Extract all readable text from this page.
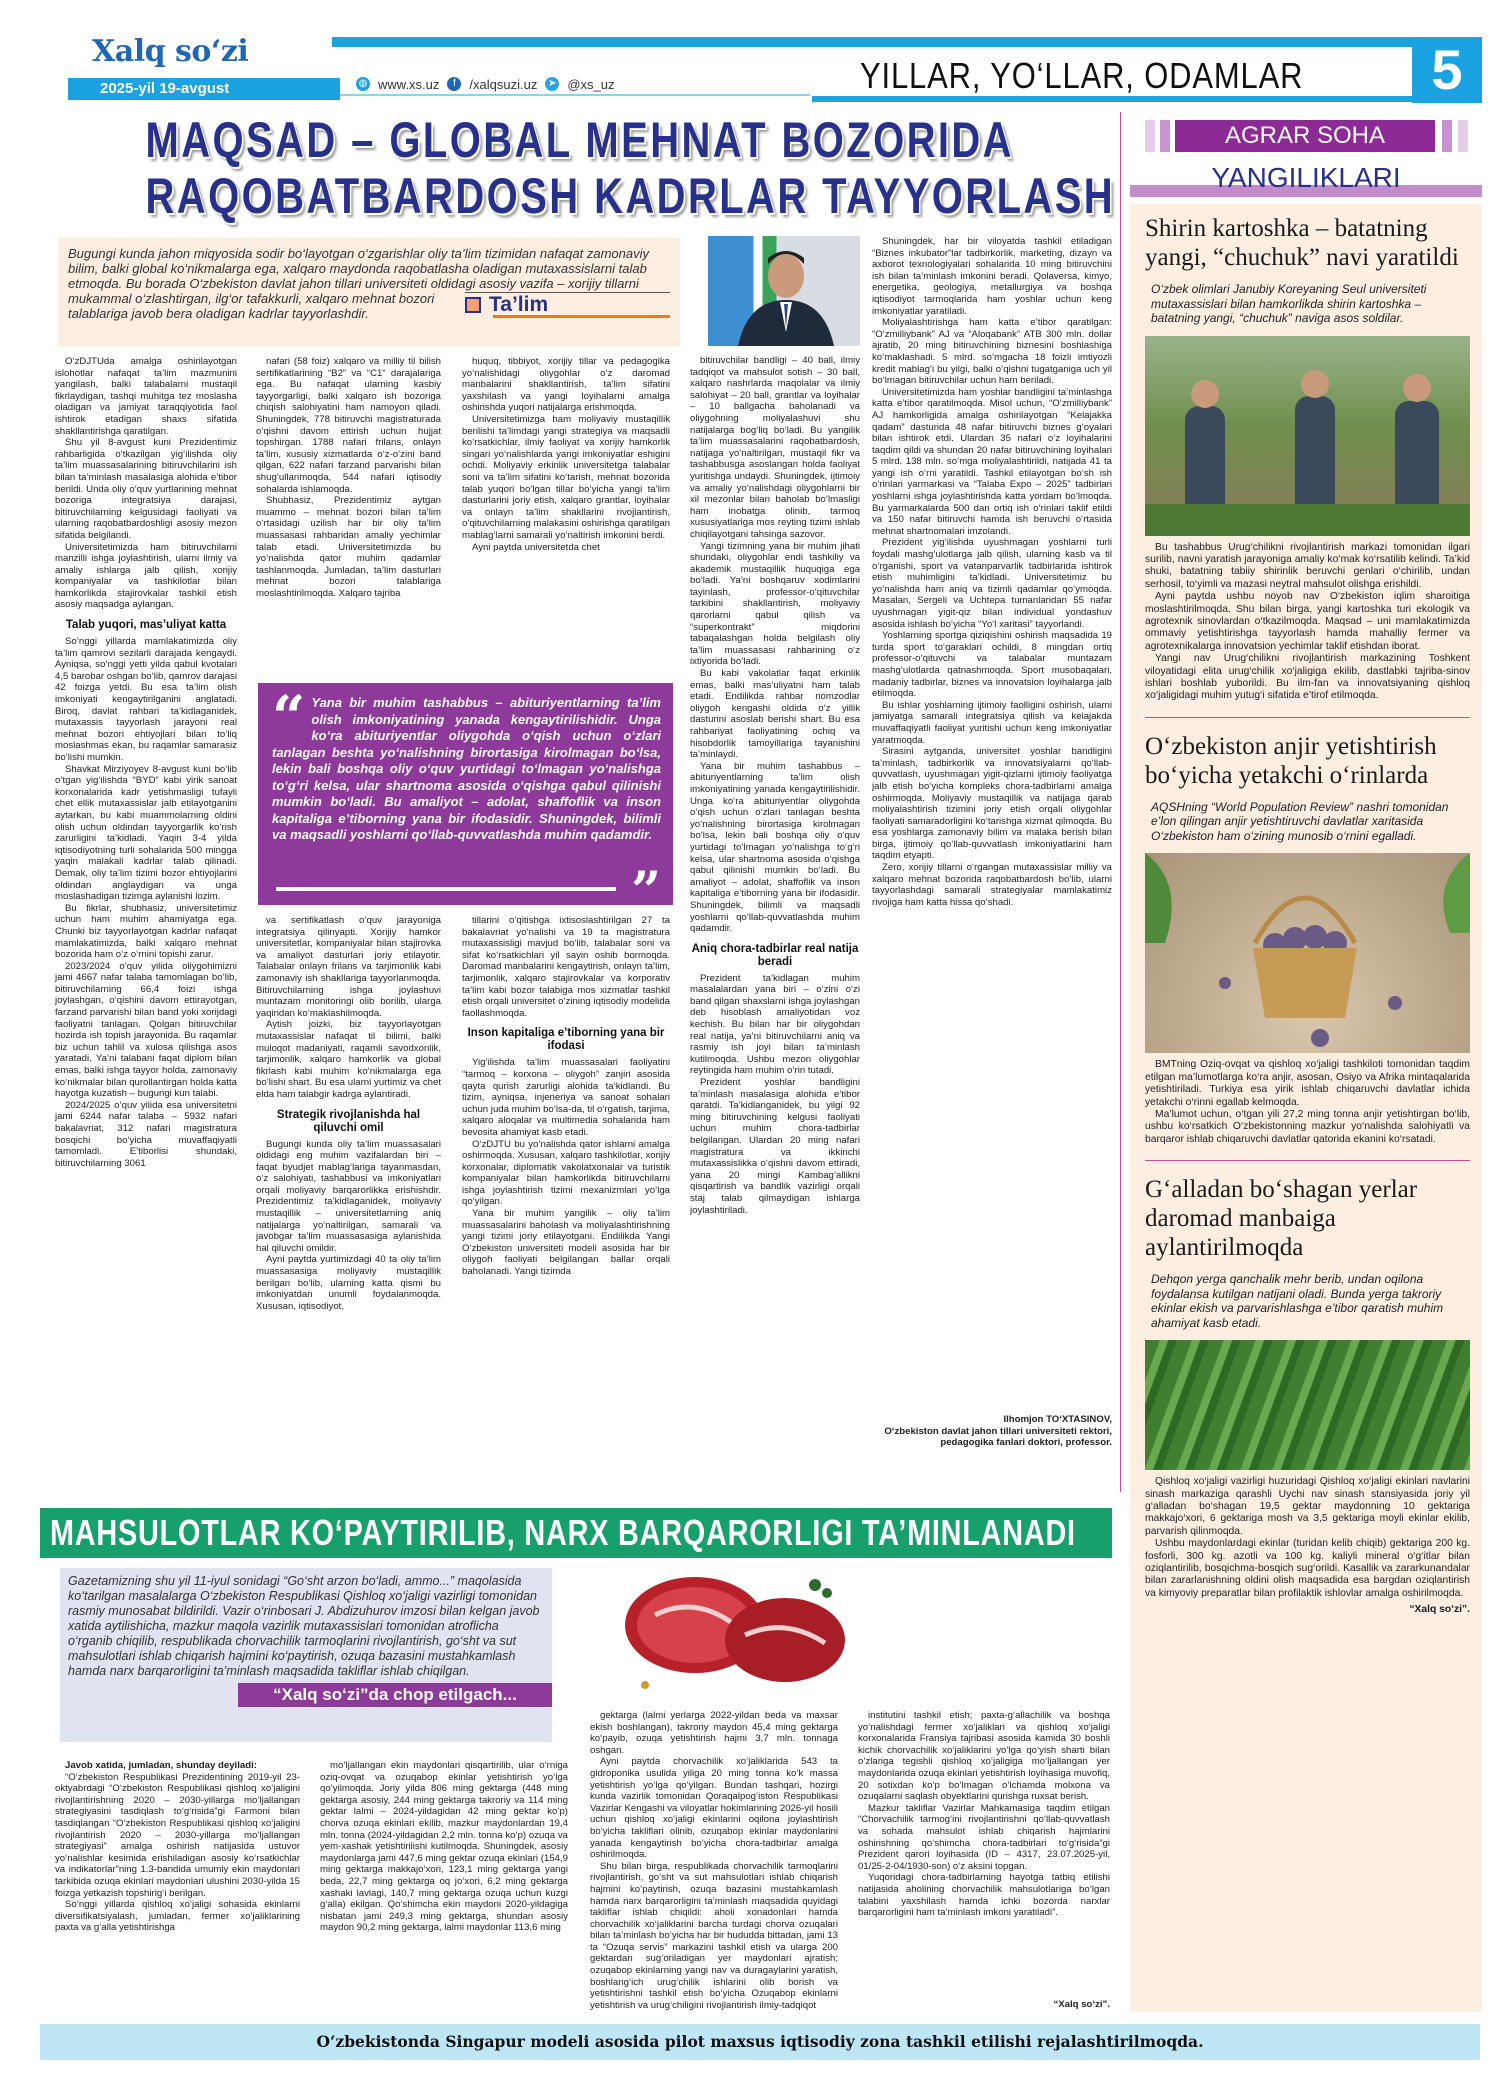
Xalq so‘zi
2025-yil 19-avgust	◍ www.xs.uz	f	/xalqsuzi.uz ➤ @xs_uz	YILLAR, YO‘LLAR, ODAMLAR	5
MAQSAD – GLOBAL MEHNAT BOZORIDA
RAQOBATBARDOSH KADRLAR TAYYORLASH
Ta’lim
Bugungi kunda jahon miqyosida sodir bo‘layotgan o‘zgarishlar oliy ta’lim tizimidan nafaqat zamonaviy bilim, balki global ko‘nikmalarga ega, xalqaro maydonda raqobatlasha oladigan mutaxassislarni talab etmoqda. Bu borada O‘zbekiston davlat jahon tillari universiteti oldidagi asosiy vazifa – xorijiy tillarni mukammal o‘zlashtirgan, ilg‘or tafakkurli, xalqaro mehnat bozori talablariga javob bera oladigan kadrlar tayyorlashdir.

O‘zDJTUda amalga oshirilayotgan islohotlar nafaqat ta’lim mazmunini yangilash, balki talabalarni mustaqil fikrlaydigan, tashqi muhitga tez moslasha oladigan va jamiyat taraqqiyotida faol ishtirok etadigan shaxs sifatida shakllantirishga qaratilgan.

Shu yil 8-avgust kuni Prezidentimiz rahbarligida o‘tkazilgan yig‘ilishda oliy ta’lim muassasalarining bitiruvchilarini ish bilan ta’minlash masalasiga alohida e’tibor berildi. Unda oliy o‘quv yurtlarining mehnat bozoriga integratsiya darajasi, bitiruvchilarning kelgusidagi faoliyati va ularning raqobatbardoshligi asosiy mezon sifatida belgilandi.

Universitetimizda ham bitiruvchilarni manzilli ishga joylashtirish, ularni ilmiy va amaliy ishlarga jalb qilish, xorijiy kompaniyalar va tashkilotlar bilan hamkorlikda stajirovkalar tashkil etish asosiy maqsadga aylangan.

Talab yuqori, mas’uliyat katta

So‘nggi yillarda mamlakatimizda oliy ta’lim qamrovi sezilarli darajada kengaydi. Ayniqsa, so‘nggi yetti yilda qabul kvotalari 4,5 barobar oshgan bo‘lib, qamrov darajasi 42 foizga yetdi. Bu esa ta’lim olish imkoniyati kengaytirilganini anglatadi. Biroq, davlat rahbari ta’kidlaganidek, mutaxassis tayyorlash jarayoni real mehnat bozori ehtiyojlari bilan to‘liq moslashmas ekan, bu raqamlar samarasiz bo‘lishi mumkin.

Shavkat Mirziyoyev 8-avgust kuni bo‘lib o‘tgan yig‘ilishda “BYD” kabi yirik sanoat korxonalarida kadr yetishmasligi tufayli chet ellik mutaxassislar jalb etilayotganini aytarkan, bu kabi muammolarning oldini olish uchun oldindan tayyorgarlik ko‘rish zarurligini ta’kidladi. Yaqin 3-4 yilda iqtisodiyotning turli sohalarida 500 mingga yaqin malakali kadrlar talab qilinadi. Demak, oliy ta’lim tizimi bozor ehtiyojlarini oldindan anglaydigan va unga moslashadigan tizimga aylanishi lozim.

Bu fikrlar, shubhasiz, universitetimiz uchun ham muhim ahamiyatga ega. Chunki biz tayyorlayotgan kadrlar nafaqat mamlakatimizda, balki xalqaro mehnat bozorida ham o‘z o‘rnini topishi zarur.

2023/2024 o‘quv yilida oliygohimizni jami 4667 nafar talaba tamomlagan bo‘lib, bitiruvchilarning 66,4 foizi ishga joylashgan, o‘qishini davom ettirayotgan, farzand parvarishi bilan band yoki xorijdagi faoliyatni tanlagan. Qolgan bitiruvchilar hozirda ish topish jarayonida. Bu raqamlar biz uchun tahlil va xulosa qilishga asos yaratadi. Ya’ni talabani faqat diplom bilan emas, balki ishga tayyor holda, zamonaviy ko‘nikmalar bilan qurollantirgan holda katta hayotga kuzatish – bugungi kun talabi.

2024/2025 o‘quv yilida esa universitetni jami 6244 nafar talaba – 5932 nafari bakalavriat, 312 nafari magistratura bosqichi bo‘yicha muvaffaqiyatli tamomladi. E’tiborlisi shundaki, bitiruvchilarning 3061

nafari (58 foiz) xalqaro va milliy til bilish sertifikatlarining “B2” va “C1” darajalariga ega. Bu nafaqat ularning kasbiy tayyorgarligi, balki xalqaro ish bozoriga chiqish salohiyatini ham namoyon qiladi. Shuningdek, 778 bitiruvchi magistraturada o‘qishni davom ettirish uchun hujjat topshirgan. 1788 nafari frilans, onlayn ta’lim, xususiy xizmatlarda o‘z-o‘zini band qilgan, 622 nafari farzand parvarishi bilan shug‘ullanmoqda, 544 nafari iqtisodiy sohalarda ishlamoqda.

Shubhasiz, Prezidentimiz aytgan muammo – mehnat bozori bilan ta’lim o‘rtasidagi uzilish har bir oliy ta’lim muassasasi rahbaridan amaliy yechimlar talab etadi. Universitetimizda bu yo‘nalishda qator muhim qadamlar tashlanmoqda. Jumladan, ta’lim dasturlari mehnat bozori talablariga moslashtirilmoqda. Xalqaro tajriba

huquq, tibbiyot, xorijiy tillar va pedagogika yo‘nalishidagi oliygohlar o‘z daromad manbalarini shakllantirish, ta’lim sifatini yaxshilash va yangi loyihalarni amalga oshirishda yuqori natijalarga erishmoqda.

Universitetimizga ham moliyaviy mustaqillik berilishi ta’limdagi yangi strategiya va maqsadli ko‘rsatkichlar, ilmiy faoliyat va xorijiy hamkorlik singari yo‘nalishlarda yangi imkoniyatlar eshigini ochdi. Moliyaviy erkinlik universitetga talabalar soni va ta’lim sifatini ko‘tarish, mehnat bozorida talab yuqori bo‘lgan tillar bo‘yicha yangi ta’lim dasturlarini joriy etish, xalqaro grantlar, loyihalar va onlayn ta’lim shakllarini rivojlantirish, o‘qituvchilarning malakasini oshirishga qaratilgan mablag‘larni samarali yo‘naltirish imkonini berdi.

Ayni paytda universitetda chet

“ Yana bir muhim tashabbus – abituriyentlarning ta’lim olish imkoniyatining yanada kengaytirilishidir. Unga ko‘ra abituriyentlar oliygohda o‘qish uchun o‘zlari tanlagan beshta yo‘nalishning birortasiga kirolmagan bo‘lsa, lekin bali boshqa oliy o‘quv yurtidagi to‘lmagan yo‘nalishga to‘g‘ri kelsa, ular shartnoma asosida o‘qishga qabul qilinishi mumkin bo‘ladi. Bu amaliyot – adolat, shaffoflik va inson kapitaliga e’tiborning yana bir ifodasidir. Shuningdek, bilimli va maqsadli yoshlarni qo‘llab-quvvatlashda muhim qadamdir.
”

va sertifikatlash o‘quv jarayoniga integratsiya qilinyapti. Xorijiy hamkor universitetlar, kompaniyalar bilan stajirovka va amaliyot dasturlari joriy etilayotir. Talabalar onlayn frilans va tarjimonlik kabi zamonaviy ish shakllariga tayyorlanmoqda. Bitiruvchilarning ishga joylashuvi muntazam monitoringi olib borilib, ularga yaqindan ko‘maklashilmoqda.

Aytish joizki, biz tayyorlayotgan mutaxassislar nafaqat til bilimi, balki muloqot madaniyati, raqamli savodxonlik, tarjimonlik, xalqaro hamkorlik va global fikrlash kabi muhim ko‘nikmalarga ega bo‘lishi shart. Bu esa ularni yurtimiz va chet elda ham talabgir kadrga aylantiradi.

Strategik rivojlanishda hal qiluvchi omil

Bugungi kunda oliy ta’lim muassasalari oldidagi eng muhim vazifalardan biri – faqat byudjet mablag‘lariga tayanmasdan, o‘z salohiyati, tashabbusi va imkoniyatlari orqali moliyaviy barqarorlikka erishishdir. Prezidentimiz ta’kidlaganidek, moliyaviy mustaqillik – universitetlarning aniq natijalarga yo‘naltirilgan, samarali va javobgar ta’lim muassasasiga aylanishida hal qiluvchi omildir.

Ayni paytda yurtimizdagi 40 ta oliy ta’lim muassasasiga moliyaviy mustaqillik berilgan bo‘lib, ularning katta qismi bu imkoniyatdan unumli foydalanmoqda. Xususan, iqtisodiyot,

tillarini o‘qitishga ixtisoslashtirilgan 27 ta bakalavriat yo‘nalishi va 19 ta magistratura mutaxassisligi mavjud bo‘lib, talabalar soni va sifat ko‘rsatkichlari yil sayin oshib bormoqda. Daromad manbalarini kengaytirish, onlayn ta’lim, tarjimonlik, xalqaro stajirovkalar va korporativ ta’lim kabi bozor talabiga mos xizmatlar tashkil etish orqali universitet o‘zining iqtisodiy modelida faollashmoqda.

Inson kapitaliga e’tiborning yana bir ifodasi

Yig‘ilishda ta’lim muassasalari faoliyatini “tarmoq – korxona – oliygoh” zanjiri asosida qayta qurish zarurligi alohida ta’kidlandi. Bu tizim, ayniqsa, injeneriya va sanoat sohalari uchun juda muhim bo‘lsa-da, til o‘rgatish, tarjima, xalqaro aloqalar va multimedia sohalarida ham bevosita ahamiyat kasb etadi.

O‘zDJTU bu yo‘nalishda qator ishlarni amalga oshirmoqda. Xususan, xalqaro tashkilotlar, xorijiy korxonalar, diplomatik vakolatxonalar va turistik kompaniyalar bilan hamkorlikda bitiruvchilarni ishga joylashtirish tizimi mexanizmlari yo‘lga qo‘yilgan.

Yana bir muhim yangilik – oliy ta’lim muassasalarini baholash va moliyalashtirishning yangi tizimi joriy etilayotgani. Endilikda Yangi O‘zbekiston universiteti modeli asosida har bir oliygoh faoliyati belgilangan ballar orqali baholanadi. Yangi tizimda

bitiruvchilar bandligi – 40 ball, ilmiy tadqiqot va mahsulot sotish – 30 ball, xalqaro nashrlarda maqolalar va ilmiy salohiyat – 20 ball, grantlar va loyihalar – 10 ballgacha baholanadi va oliygohning moliyalashuvi shu natijalarga bog‘liq bo‘ladi. Bu yangilik ta’lim muassasalarini raqobatbardosh, natijaga yo‘naltirilgan, mustaqil fikr va tashabbusga asoslangan holda faoliyat yuritishga undaydi. Shuningdek, ijtimoiy va amaliy yo‘nalishdagi oliygohlarni bir xil mezonlar bilan baholab bo‘lmasligi ham inobatga olinib, tarmoq xususiyatlariga mos reyting tizimi ishlab chiqilayotgani tahsinga sazovor.

Yangi tizimning yana bir muhim jihati shundaki, oliygohlar endi tashkiliy va akademik mustaqillik huquqiga ega bo‘ladi. Ya’ni boshqaruv xodimlarini tayinlash, professor-o‘qituvchilar tarkibini shakllantirish, moliyaviy qarorlarni qabul qilish va “superkontrakt” miqdorini tabaqalashgan holda belgilash oliy ta’lim muassasasi rahbarining o‘z ixtiyorida bo‘ladi.

Bu kabi vakolatlar faqat erkinlik emas, balki mas’uliyatni ham talab etadi. Endilikda rahbar nomzodlar oliygoh kengashi oldida o‘z yillik dasturini asoslab berishi shart. Bu esa rahbariyat faoliyatining ochiq va hisobdorlik tamoyillariga tayanishini ta’minlaydi.

Yana bir muhim tashabbus – abituriyentlarning ta’lim olish imkoniyatining yanada kengaytirilishidir. Unga ko‘ra abituriyentlar oliygohda o‘qish uchun o‘zlari tanlagan beshta yo‘nalishning birortasiga kirolmagan bo‘lsa, lekin bali boshqa oliy o‘quv yurtidagi to‘lmagan yo‘nalishga to‘g‘ri kelsa, ular shartnoma asosida o‘qishga qabul qilinishi mumkin bo‘ladi. Bu amaliyot – adolat, shaffoflik va inson kapitaliga e’tiborning yana bir ifodasidir. Shuningdek, bilimli va maqsadli yoshlarni qo‘llab-quvvatlashda muhim qadamdir.

Aniq chora-tadbirlar real natija beradi

Prezident ta’kidlagan muhim masalalardan yana biri – o‘zini o‘zi band qilgan shaxslarni ishga joylashgan deb hisoblash amaliyotidan voz kechish. Bu bilan har bir oliygohdan real natija, ya’ni bitiruvchilarni aniq va rasmiy ish joyi bilan ta’minlash kutilmoqda. Ushbu mezon oliygohlar reytingida ham muhim o‘rin tutadi.

Prezident yoshlar bandligini ta’minlash masalasiga alohida e’tibor qaratdi. Ta’kidlanganidek, bu yilgi 92 ming bitiruvchining kelgusi faoliyati uchun muhim chora-tadbirlar belgilangan. Ulardan 20 ming nafari magistratura va ikkinchi mutaxassislikka o‘qishni davom ettiradi, yana 20 mingi Kambag‘allikni qisqartirish va bandlik vazirligi orqali staj talab qilmaydigan ishlarga joylashtiriladi.

Shuningdek, har bir viloyatda tashkil etiladigan “Biznes inkubator”lar tadbirkorlik, marketing, dizayn va axborot texnologiyalari sohalarida 10 ming bitiruvchini ish bilan ta’minlash imkonini beradi. Qolaversa, kimyo, energetika, geologiya, metallurgiya va boshqa iqtisodiyot tarmoqlarida ham yoshlar uchun keng imkoniyatlar yaratiladi.

Moliyalashtirishga ham katta e’tibor qaratilgan: “O‘zmilliybank” AJ va “Aloqabank” ATB 300 mln. dollar ajratib, 20 ming bitiruvchining biznesini boshlashiga ko‘maklashadi. 5 mlrd. so‘mgacha 18 foizli imtiyozli kredit mablag‘i bu yilgi, balki o‘qishni tugatganiga uch yil bo‘lmagan bitiruvchilar uchun ham beriladi.

Universitetimizda ham yoshlar bandligini ta’minlashga katta e’tibor qaratilmoqda. Misol uchun, “O‘zmilliybank” AJ hamkorligida amalga oshirilayotgan “Kelajakka qadam” dasturida 48 nafar bitiruvchi biznes g‘oyalari bilan ishtirok etdi. Ulardan 35 nafari o‘z loyihalarini taqdim qildi va shundan 20 nafar bitiruvchining loyihalari 5 mlrd. 138 mln. so‘mga moliyalashtirildi, natijada 41 ta yangi ish o‘rni yaratildi. Tashkil etilayotgan bo‘sh ish o‘rinlari yarmarkasi va “Talaba Expo – 2025” tadbirlari yoshlarni ishga joylashtirishda katta yordam bo‘lmoqda. Bu yarmarkalarda 500 dan ortiq ish o‘rinlari taklif etildi va 150 nafar bitiruvchi hamda ish beruvchi o‘rtasida mehnat shartnomalari imzolandi.

Prezident yig‘ilishda uyushmagan yoshlarni turli foydali mashg‘ulotlarga jalb qilish, ularning kasb va til o‘rganishi, sport va vatanparvarlik tadbirlarida ishtirok etish muhimligini ta’kidladi. Universitetimiz bu yo‘nalishda ham aniq va tizimli qadamlar qo‘ymoqda. Masalan, Sergeli va Uchtepa tumanlaridan 55 nafar uyushmagan yigit-qiz bilan individual yondashuv asosida ishlash bo‘yicha “Yo‘l xaritasi” tayyorlandi.

Yoshlarning sportga qiziqishini oshirish maqsadida 19 turda sport to‘garaklari ochildi, 8 mingdan ortiq professor-o‘qituvchi va talabalar muntazam mashg‘ulotlarda qatnashmoqda. Sport musobaqalari, madaniy tadbirlar, biznes va innovatsion loyihalarga jalb etilmoqda.

Bu ishlar yoshlarning ijtimoiy faolligini oshirish, ularni jamiyatga samarali integratsiya qilish va kelajakda muvaffaqiyatli faoliyat yuritishi uchun keng imkoniyatlar yaratmoqda.

Sirasini aytganda, universitet yoshlar bandligini ta’minlash, tadbirkorlik va innovatsiyalarni qo‘llab-quvvatlash, uyushmagan yigit-qizlarni ijtimoiy faoliyatga jalb etish bo‘yicha kompleks chora-tadbirlarni amalga oshirmoqda. Moliyaviy mustaqillik va natijaga qarab moliyalashtirish tizimini joriy etish orqali oliygohlar faoliyati samaradorligini ko‘tarishga xizmat qilmoqda. Bu esa yoshlarga zamonaviy bilim va malaka berish bilan birga, ijtimoiy qo‘llab-quvvatlash imkoniyatlarini ham taqdim etyapti.

Zero, xorijiy tillarni o‘rgangan mutaxassislar milliy va xalqaro mehnat bozorida raqobatbardosh bo‘lib, ularni tayyorlashdagi samarali strategiyalar mamlakatimiz rivojiga ham katta hissa qo‘shadi.

Ilhomjon TO‘XTASINOV,
O‘zbekiston davlat jahon tillari universiteti rektori, pedagogika fanlari doktori, professor.
MAHSULOTLAR KO‘PAYTIRILIB, NARX BARQARORLIGI TA’MINLANADI
Gazetamizning shu yil 11-iyul sonidagi “Go‘sht arzon bo‘ladi, ammo...” maqolasida ko‘tarilgan masalalarga O‘zbekiston Respublikasi Qishloq xo‘jaligi vazirligi tomonidan rasmiy munosabat bildirildi. Vazir o‘rinbosari J. Abdizuhurov imzosi bilan kelgan javob xatida aytilishicha, mazkur maqola vazirlik mutaxassislari tomonidan atroflicha o‘rganib chiqilib, respublikada chorvachilik tarmoqlarini rivojlantirish, go‘sht va sut mahsulotlari ishlab chiqarish hajmini ko‘paytirish, ozuqa bazasini mustahkamlash hamda narx barqarorligini ta’minlash maqsadida takliflar ishlab chiqilgan.
“Xalq so‘zi”da chop etilgach...

Javob xatida, jumladan, shunday deyiladi:

“O‘zbekiston Respublikasi Prezidentining 2019-yil 23-oktyabrdagi “O‘zbekiston Respublikasi qishloq xo‘jaligini rivojlantirishning 2020 – 2030-yillarga mo‘ljallangan strategiyasini tasdiqlash to‘g‘risida”gi Farmoni bilan tasdiqlangan “O‘zbekiston Respublikasi qishloq xo‘jaligini rivojlantirish 2020 – 2030-yillarga mo‘ljallangan strategiyasi” amalga oshirish natijasida ustuvor yo‘nalishlar kesimida erishiladigan asosiy ko‘rsatkichlar va indikatorlar”ning 1.3-bandida umumiy ekin maydonlari tarkibida ozuqa ekinlari maydonlari ulushini 2030-yilda 15 foizga yetkazish topshirig‘i berilgan.

So‘nggi yillarda qishloq xo‘jaligi sohasida ekinlarni diversifikatsiyalash, jumladan, fermer xo‘jaliklarining paxta va g‘alla yetishtirishga

mo‘ljallangan ekin maydonlari qisqartirilib, ular o‘rniga oziq-ovqat va ozuqabop ekinlar yetishtirish yo‘lga qo‘yilmoqda. Joriy yilda 806 ming gektarga (448 ming gektarga asosiy, 244 ming gektarga takroriy va 114 ming gektar lalmi – 2024-yildagidan 42 ming gektar ko‘p) chorva ozuqa ekinlari ekilib, mazkur maydonlardan 19,4 mln. tonna (2024-yildagidan 2,2 mln. tonna ko‘p) ozuqa va yem-xashak yetishtirilishi kutilmoqda. Shuningdek, asosiy maydonlarga jami 447,6 ming gektar ozuqa ekinlari (154,9 ming gektarga makkajo‘xori, 123,1 ming gektarga yangi beda, 22,7 ming gektarga oq jo‘xori, 6,2 ming gektarga xashaki lavlagi, 140,7 ming gektarga ozuqa uchun kuzgi g‘alla) ekilgan. Qo‘shimcha ekin maydoni 2020-yildagiga nisbatan jami 249,3 ming gektarga, shundan asosiy maydon 90,2 ming gektarga, lalmi maydonlar 113,6 ming

gektarga (lalmi yerlarga 2022-yildan beda va maxsar ekish boshlangan), takroriy maydon 45,4 ming gektarga ko‘payib, ozuqa yetishtirish hajmi 3,7 mln. tonnaga oshgan.

Ayni paytda chorvachilik xo‘jaliklarida 543 ta gidroponika usulida yiliga 20 ming tonna ko‘k massa yetishtirish yo‘lga qo‘yilgan. Bundan tashqari, hozirgi kunda vazirlik tomonidan Qoraqalpog‘iston Respublikasi Vazirlar Kengashi va viloyatlar hokimlarining 2026-yil hosili uchun qishloq xo‘jaligi ekinlarini oqilona joylashtirish bo‘yicha takliflari olinib, ozuqabop ekinlar maydonlarini yanada kengaytirish bo‘yicha chora-tadbirlar amalga oshirilmoqda.

Shu bilan birga, respublikada chorvachilik tarmoqlarini rivojlantirish, go‘sht va sut mahsulotlari ishlab chiqarish hajmini ko‘paytirish, ozuqa bazasini mustahkamlash hamda narx barqarorligini ta’minlash maqsadida quyidagi takliflar ishlab chiqildi: aholi xonadonlari hamda chorvachilik xo‘jaliklarini barcha turdagi chorva ozuqalari bilan ta’minlash bo‘yicha har bir hududda bittadan, jami 13 ta “Ozuqa servis” markazini tashkil etish va ularga 200 gektardan sug‘oriladigan yer maydonlari ajratish; ozuqabop ekinlarning yangi nav va duragaylarini yaratish, boshlang‘ich urug‘chilik ishlarini olib borish va yetishtirishni tashkil etish bo‘yicha Ozuqabop ekinlarni yetishtirish va urug‘chiligini rivojlantirish ilmiy-tadqiqot

institutini tashkil etish; paxta-g‘allachilik va boshqa yo‘nalishdagi fermer xo‘jaliklari va qishloq xo‘jaligi korxonalarida Fransiya tajribasi asosida kamida 30 boshli kichik chorvachilik xo‘jaliklarini yo‘lga qo‘yish sharti bilan o‘zlariga tegishli qishloq xo‘jaligiga mo‘ljallangan yer maydonlarida ozuqa ekinlari yetishtirish loyihasiga muvofiq, 20 sotixdan ko‘p bo‘lmagan o‘lchamda molxona va ozuqalarni saqlash obyektlarini qurishga ruxsat berish.

Mazkur takliflar Vazirlar Mahkamasiga taqdim etilgan “Chorvachilik tarmog‘ini rivojlantirishni qo‘llab-quvvatlash va sohada mahsulot ishlab chiqarish hajmlarini oshirishning qo‘shimcha chora-tadbirlari to‘g‘risida”gi Prezident qarori loyihasida (ID – 4317, 23.07.2025-yil, 01/25-2-04/1930-son) o‘z aksini topgan.

Yuqoridagi chora-tadbirlarning hayotga tatbiq etilishi natijasida aholining chorvachilik mahsulotlariga bo‘lgan talabini yaxshilash hamda ichki bozorda narxlar barqarorligini ham ta’minlash imkoni yaratiladi”.

“Xalq so‘zi”.
AGRAR SOHA
YANGILIKLARI
Shirin kartoshka – batatning yangi, “chuchuk” navi yaratildi
O‘zbek olimlari Janubiy Koreyaning Seul universiteti mutaxassislari bilan hamkorlikda shirin kartoshka – batatning yangi, “chuchuk” naviga asos soldilar.

Bu tashabbus Urug‘chilikni rivojlantirish markazi tomonidan ilgari surilib, navni yaratish jarayoniga amaliy ko‘mak ko‘rsatilib kelindi. Ta’kid shuki, batatning tabiiy shirinlik beruvchi genlari o‘chirilib, undan serhosil, to‘yimli va mazasi neytral mahsulot olishga erishildi.

Ayni paytda ushbu noyob nav O‘zbekiston iqlim sharoitiga moslashtirilmoqda. Shu bilan birga, yangi kartoshka turi ekologik va agrotexnik sinovlardan o‘tkazilmoqda. Maqsad – uni mamlakatimizda ommaviy yetishtirishga tayyorlash hamda mahalliy fermer va agrotexnikalarga innovatsion yechimlar taklif etishdan iborat.

Yangi nav Urug‘chilikni rivojlantirish markazining Toshkent viloyatidagi elita urug‘chilik xo‘jaligiga ekilib, dastlabki tajriba-sinov ishlari boshlab yuborildi. Bu ilm-fan va innovatsiyaning qishloq xo‘jaligidagi muhim yutug‘i sifatida e’tirof etilmoqda.

O‘zbekiston anjir yetishtirish bo‘yicha yetakchi o‘rinlarda
AQSHning “World Population Review” nashri tomonidan e’lon qilingan anjir yetishtiruvchi davlatlar xaritasida O‘zbekiston ham o‘zining munosib o‘rnini egalladi.

BMTning Oziq-ovqat va qishloq xo‘jaligi tashkiloti tomonidan taqdim etilgan ma’lumotlarga ko‘ra anjir, asosan, Osiyo va Afrika mintaqalarida yetishtiriladi. Turkiya esa yirik ishlab chiqaruvchi davlatlar ichida yetakchi o‘rinni egallab kelmoqda.

Ma’lumot uchun, o‘tgan yili 27,2 ming tonna anjir yetishtirgan bo‘lib, ushbu ko‘rsatkich O‘zbekistonning mazkur yo‘nalishda salohiyatli va barqaror ishlab chiqaruvchi davlatlar qatorida ekanini ko‘rsatadi.

G‘alladan bo‘shagan yerlar daromad manbaiga aylantirilmoqda
Dehqon yerga qanchalik mehr berib, undan oqilona foydalansa kutilgan natijani oladi. Bunda yerga takroriy ekinlar ekish va parvarishlashga e’tibor qaratish muhim ahamiyat kasb etadi.

Qishloq xo‘jaligi vazirligi huzuridagi Qishloq xo‘jaligi ekinlari navlarini sinash markaziga qarashli Uychi nav sinash stansiyasida joriy yil g‘alladan bo‘shagan 19,5 gektar maydonning 10 gektariga makkajo‘xori, 6 gektariga mosh va 3,5 gektariga moyli ekinlar ekilib, parvarish qilinmoqda.

Ushbu maydonlardagi ekinlar (turidan kelib chiqib) gektariga 200 kg. fosforli, 300 kg. azotli va 100 kg. kaliyli mineral o‘g‘itlar bilan oziqlantirilib, bosqichma-bosqich sug‘orildi. Kasallik va zararkunandalar bilan zararlanishning oldini olish maqsadida esa bargdan oziqlantirish va kimyoviy preparatlar bilan profilaktik ishlovlar amalga oshirilmoqda.

“Xalq so‘zi”.
O‘zbekistonda Singapur modeli asosida pilot maxsus iqtisodiy zona tashkil etilishi rejalashtirilmoqda.
